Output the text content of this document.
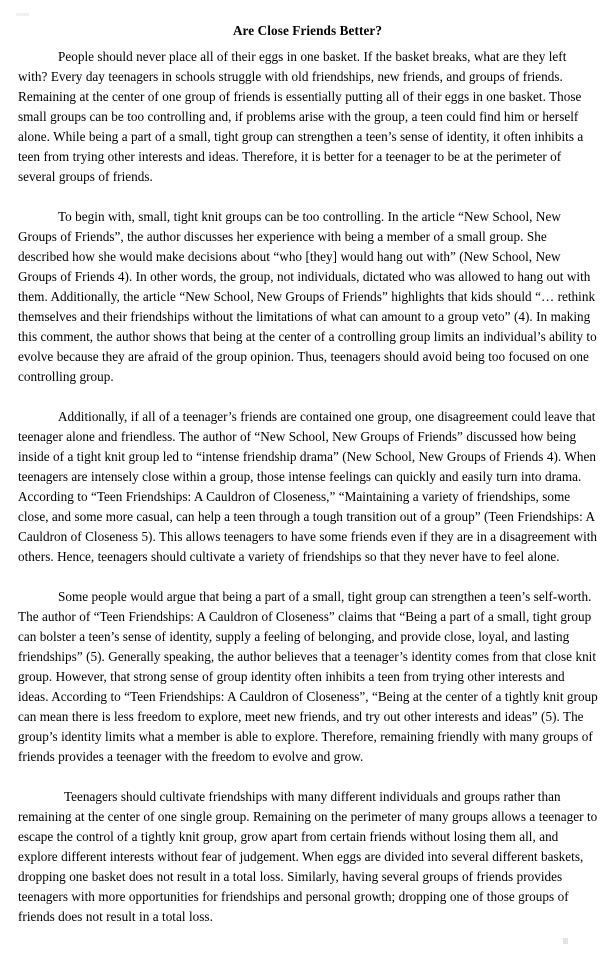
Are Close Friends Better?

People should never place all of their eggs in one basket. If the basket breaks, what are they left with? Every day teenagers in schools struggle with old friendships, new friends, and groups of friends. Remaining at the center of one group of friends is essentially putting all of their eggs in one basket. Those small groups can be too controlling and, if problems arise with the group, a teen could find him or herself alone. While being a part of a small, tight group can strengthen a teen’s sense of identity, it often inhibits a teen from trying other interests and ideas. Therefore, it is better for a teenager to be at the perimeter of several groups of friends.

To begin with, small, tight knit groups can be too controlling. In the article “New School, New Groups of Friends”, the author discusses her experience with being a member of a small group. She described how she would make decisions about “who [they] would hang out with” (New School, New Groups of Friends 4). In other words, the group, not individuals, dictated who was allowed to hang out with them. Additionally, the article “New School, New Groups of Friends” highlights that kids should “… rethink themselves and their friendships without the limitations of what can amount to a group veto” (4). In making this comment, the author shows that being at the center of a controlling group limits an individual’s ability to evolve because they are afraid of the group opinion. Thus, teenagers should avoid being too focused on one controlling group.

Additionally, if all of a teenager’s friends are contained one group, one disagreement could leave that teenager alone and friendless. The author of “New School, New Groups of Friends” discussed how being inside of a tight knit group led to “intense friendship drama” (New School, New Groups of Friends 4). When teenagers are intensely close within a group, those intense feelings can quickly and easily turn into drama. According to “Teen Friendships: A Cauldron of Closeness,” “Maintaining a variety of friendships, some close, and some more casual, can help a teen through a tough transition out of a group” (Teen Friendships: A Cauldron of Closeness 5). This allows teenagers to have some friends even if they are in a disagreement with others. Hence, teenagers should cultivate a variety of friendships so that they never have to feel alone.

Some people would argue that being a part of a small, tight group can strengthen a teen’s self-worth. The author of “Teen Friendships: A Cauldron of Closeness” claims that “Being a part of a small, tight group can bolster a teen’s sense of identity, supply a feeling of belonging, and provide close, loyal, and lasting friendships” (5). Generally speaking, the author believes that a teenager’s identity comes from that close knit group. However, that strong sense of group identity often inhibits a teen from trying other interests and ideas. According to “Teen Friendships: A Cauldron of Closeness”, “Being at the center of a tightly knit group can mean there is less freedom to explore, meet new friends, and try out other interests and ideas” (5). The group’s identity limits what a member is able to explore. Therefore, remaining friendly with many groups of friends provides a teenager with the freedom to evolve and grow.

Teenagers should cultivate friendships with many different individuals and groups rather than remaining at the center of one single group. Remaining on the perimeter of many groups allows a teenager to escape the control of a tightly knit group, grow apart from certain friends without losing them all, and explore different interests without fear of judgement. When eggs are divided into several different baskets, dropping one basket does not result in a total loss. Similarly, having several groups of friends provides teenagers with more opportunities for friendships and personal growth; dropping one of those groups of friends does not result in a total loss.
